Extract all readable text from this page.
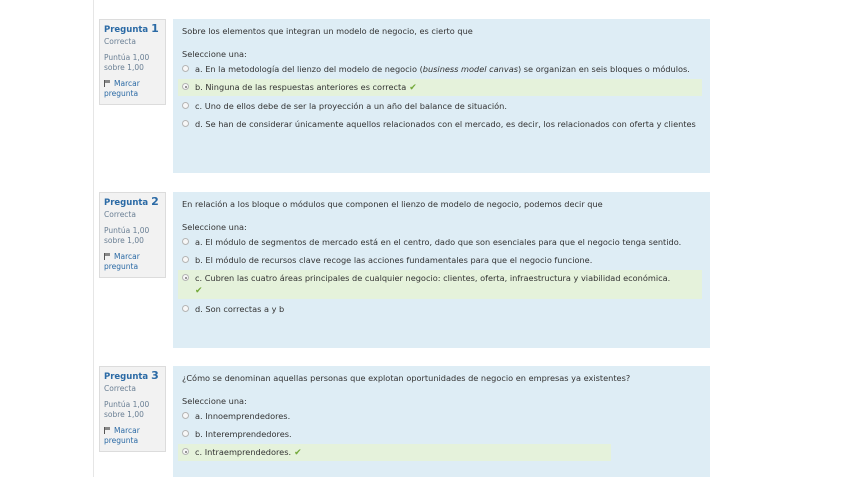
Pregunta 1
Correcta
Puntúa 1,00
sobre 1,00
Marcar
pregunta
Sobre los elementos que integran un modelo de negocio, es cierto que
Seleccione una:
a. En la metodología del lienzo del modelo de negocio (business model canvas) se organizan en seis bloques o módulos.
b. Ninguna de las respuestas anteriores es correcta ✔
c. Uno de ellos debe de ser la proyección a un año del balance de situación.
d. Se han de considerar únicamente aquellos relacionados con el mercado, es decir, los relacionados con oferta y clientes
Pregunta 2
Correcta
Puntúa 1,00
sobre 1,00
Marcar
pregunta
En relación a los bloque o módulos que componen el lienzo de modelo de negocio, podemos decir que
Seleccione una:
a. El módulo de segmentos de mercado está en el centro, dado que son esenciales para que el negocio tenga sentido.
b. El módulo de recursos clave recoge las acciones fundamentales para que el negocio funcione.
c. Cubren las cuatro áreas principales de cualquier negocio: clientes, oferta, infraestructura y viabilidad económica.
✔
d. Son correctas a y b
Pregunta 3
Correcta
Puntúa 1,00
sobre 1,00
Marcar
pregunta
¿Cómo se denominan aquellas personas que explotan oportunidades de negocio en empresas ya existentes?
Seleccione una:
a. Innoemprendedores.
b. Interemprendedores.
c. Intraemprendedores. ✔
